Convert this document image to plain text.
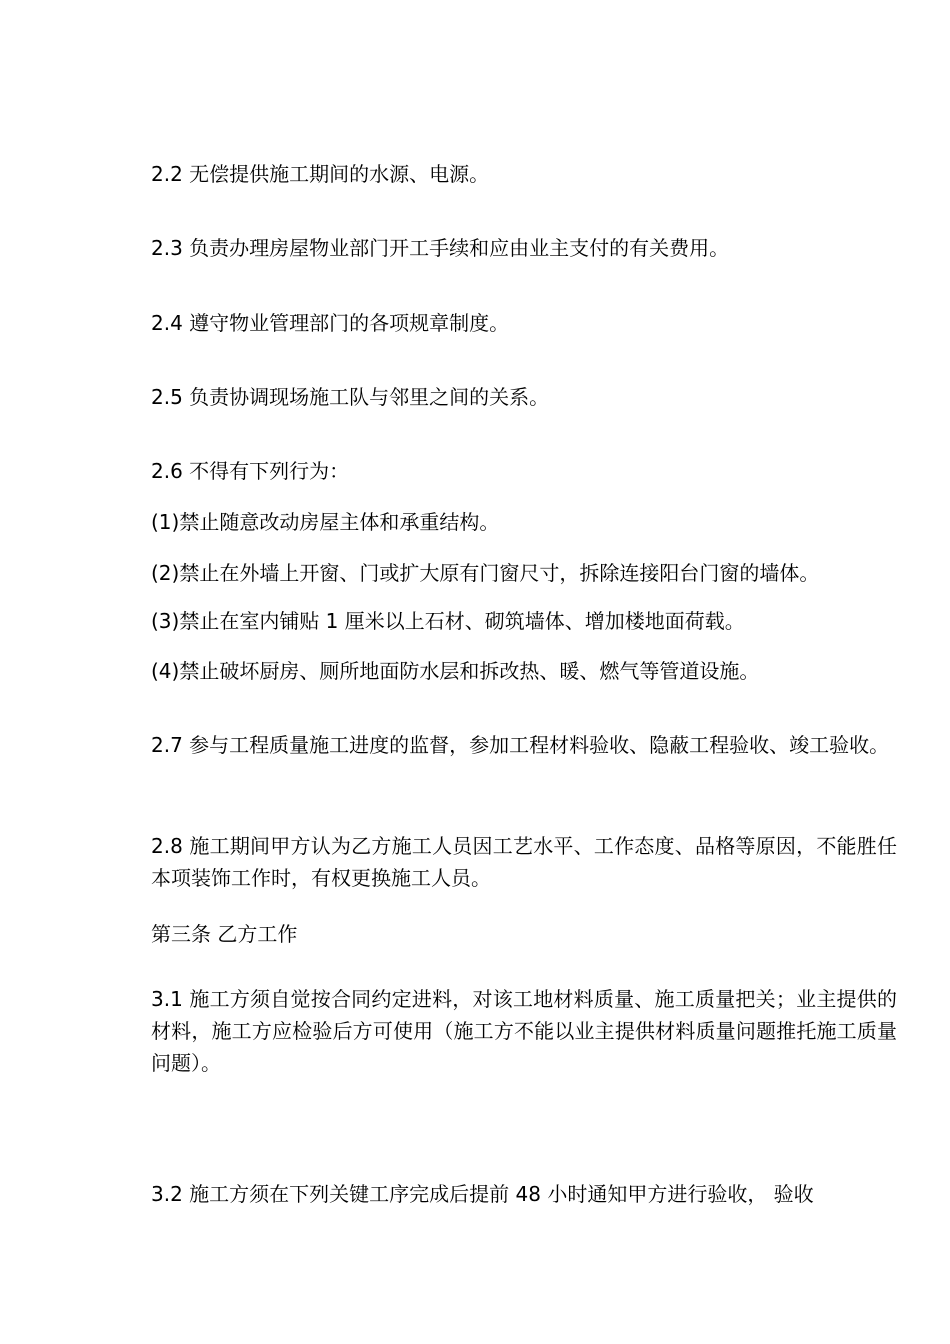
2.2 无偿提供施工期间的水源、电源。

2.3 负责办理房屋物业部门开工手续和应由业主支付的有关费用。

2.4 遵守物业管理部门的各项规章制度。

2.5 负责协调现场施工队与邻里之间的关系。

2.6 不得有下列行为：

(1)禁止随意改动房屋主体和承重结构。

(2)禁止在外墙上开窗、门或扩大原有门窗尺寸，拆除连接阳台门窗的墙体。

(3)禁止在室内铺贴 1 厘米以上石材、砌筑墙体、增加楼地面荷载。

(4)禁止破坏厨房、厕所地面防水层和拆改热、暖、燃气等管道设施。

2.7 参与工程质量施工进度的监督，参加工程材料验收、隐蔽工程验收、竣工验收。

2.8 施工期间甲方认为乙方施工人员因工艺水平、工作态度、品格等原因，不能胜任本项装饰工作时，有权更换施工人员。

第三条 乙方工作

3.1 施工方须自觉按合同约定进料，对该工地材料质量、施工质量把关；业主提供的材料，施工方应检验后方可使用（施工方不能以业主提供材料质量问题推托施工质量问题）。

3.2 施工方须在下列关键工序完成后提前 48 小时通知甲方进行验收， 验收
